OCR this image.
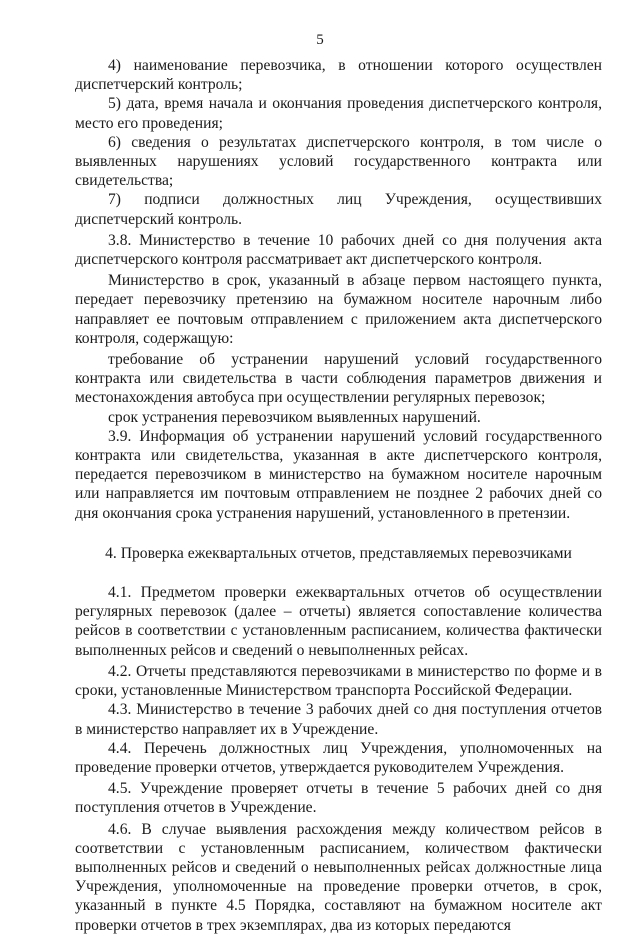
5

4) наименование перевозчика, в отношении которого осуществлен диспетчерский контроль;

5) дата, время начала и окончания проведения диспетчерского контроля, место его проведения;

6) сведения о результатах диспетчерского контроля, в том числе о выявленных нарушениях условий государственного контракта или свидетельства;

7) подписи должностных лиц Учреждения, осуществивших диспетчерский контроль.

3.8. Министерство в течение 10 рабочих дней со дня получения акта диспетчерского контроля рассматривает акт диспетчерского контроля.

Министерство в срок, указанный в абзаце первом настоящего пункта, передает перевозчику претензию на бумажном носителе нарочным либо направляет ее почтовым отправлением с приложением акта диспетчерского контроля, содержащую:

требование об устранении нарушений условий государственного контракта или свидетельства в части соблюдения параметров движения и местонахождения автобуса при осуществлении регулярных перевозок;

срок устранения перевозчиком выявленных нарушений.

3.9. Информация об устранении нарушений условий государственного контракта или свидетельства, указанная в акте диспетчерского контроля, передается перевозчиком в министерство на бумажном носителе нарочным или направляется им почтовым отправлением не позднее 2 рабочих дней со дня окончания срока устранения нарушений, установленного в претензии.

4. Проверка ежеквартальных отчетов, представляемых перевозчиками

4.1. Предметом проверки ежеквартальных отчетов об осуществлении регулярных перевозок (далее – отчеты) является сопоставление количества рейсов в соответствии с установленным расписанием, количества фактически выполненных рейсов и сведений о невыполненных рейсах.

4.2. Отчеты представляются перевозчиками в министерство по форме и в сроки, установленные Министерством транспорта Российской Федерации.

4.3. Министерство в течение 3 рабочих дней со дня поступления отчетов в министерство направляет их в Учреждение.

4.4. Перечень должностных лиц Учреждения, уполномоченных на проведение проверки отчетов, утверждается руководителем Учреждения.

4.5. Учреждение проверяет отчеты в течение 5 рабочих дней со дня поступления отчетов в Учреждение.

4.6. В случае выявления расхождения между количеством рейсов в соответствии с установленным расписанием, количеством фактически выполненных рейсов и сведений о невыполненных рейсах должностные лица Учреждения, уполномоченные на проведение проверки отчетов, в срок, указанный в пункте 4.5 Порядка, составляют на бумажном носителе акт проверки отчетов в трех экземплярах, два из которых передаются
